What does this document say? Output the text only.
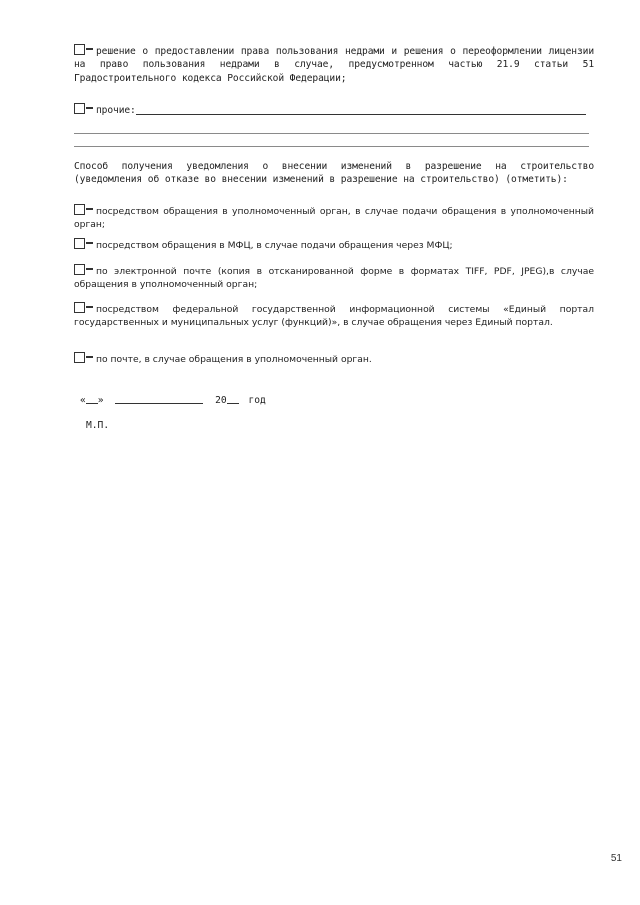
решение о предоставлении права пользования недрами и решения о переоформлении лицензии на право пользования недрами в случае, предусмотренном частью 21.9 статьи 51 Градостроительного кодекса Российской Федерации;
прочие:
Способ получения уведомления о внесении изменений в разрешение на строительство (уведомления об отказе во внесении изменений в разрешение на строительство) (отметить):
посредством обращения в уполномоченный орган, в случае подачи обращения в уполномоченный орган;
посредством обращения в МФЦ, в случае подачи обращения через МФЦ;
по электронной почте (копия в отсканированной форме в форматах TIFF, PDF, JPEG),в случае обращения в уполномоченный орган;
посредством федеральной государственной информационной системы «Единый портал государственных и муниципальных услуг (функций)», в случае обращения через Единый портал.
по почте, в случае обращения в уполномоченный орган.
« »	20 год
М.П.
51
